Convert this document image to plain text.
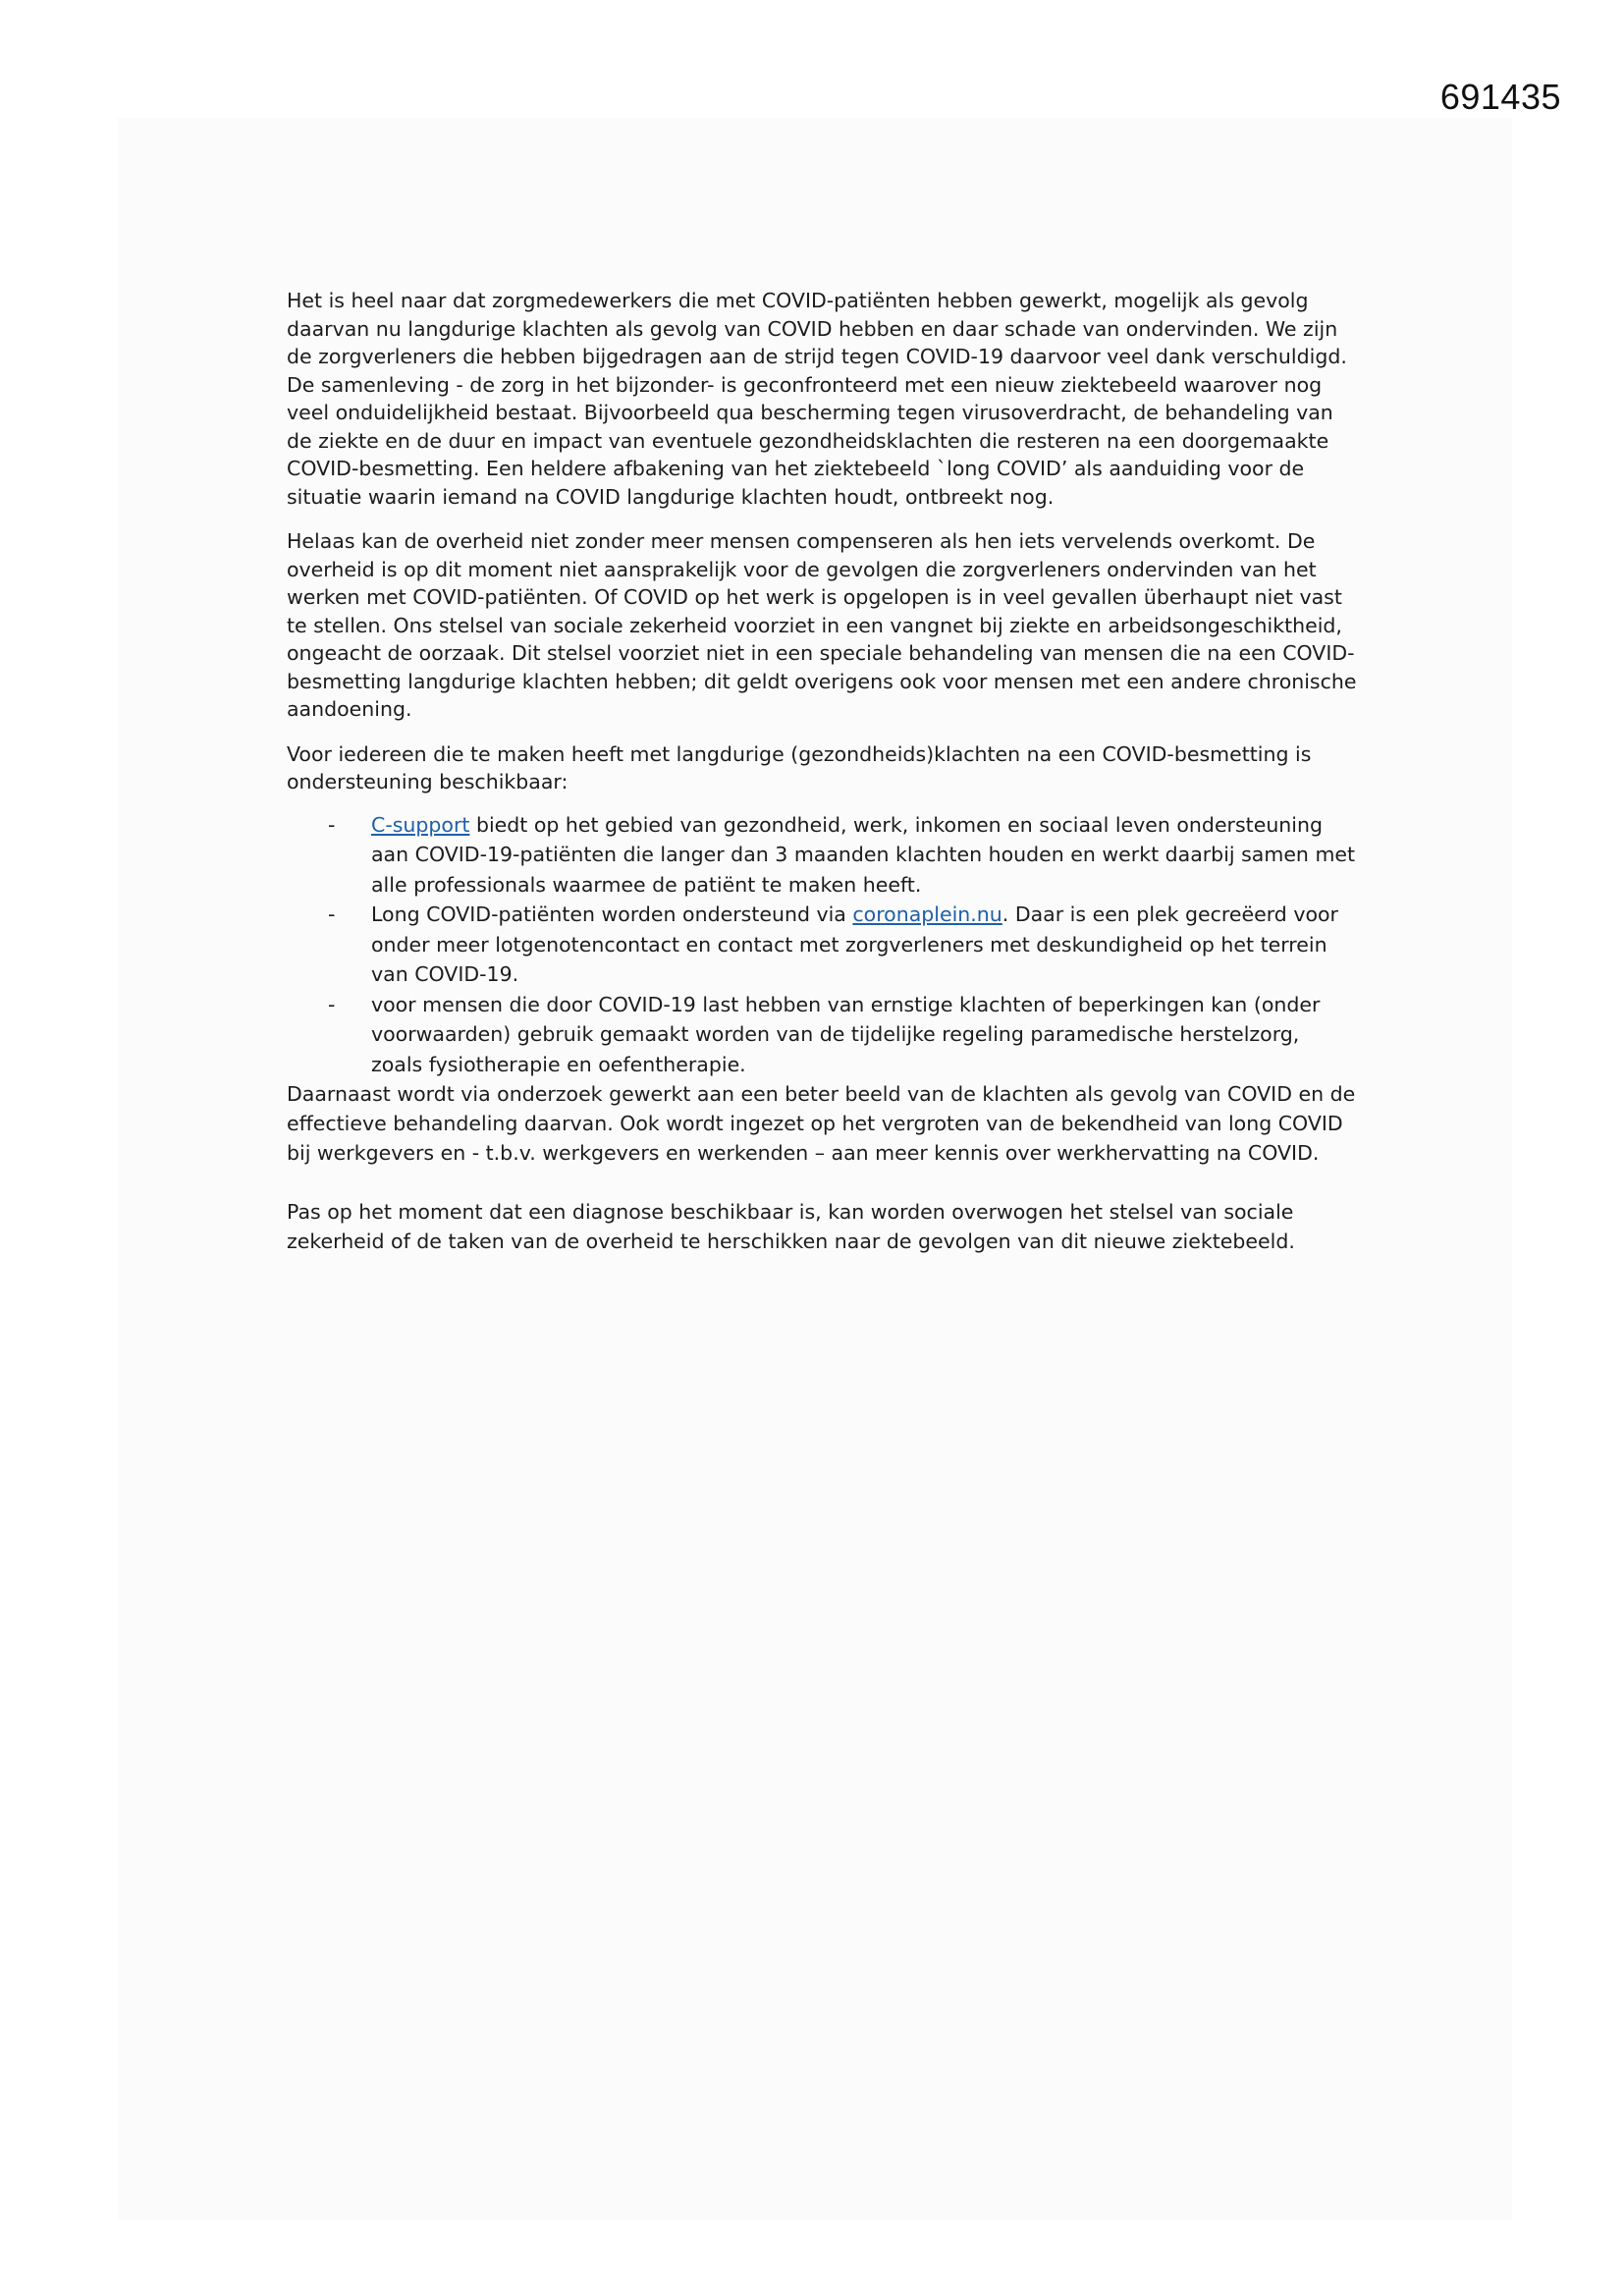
691435

Het is heel naar dat zorgmedewerkers die met COVID-patiënten hebben gewerkt, mogelijk als gevolg daarvan nu langdurige klachten als gevolg van COVID hebben en daar schade van ondervinden. We zijn de zorgverleners die hebben bijgedragen aan de strijd tegen COVID-19 daarvoor veel dank verschuldigd. De samenleving - de zorg in het bijzonder- is geconfronteerd met een nieuw ziektebeeld waarover nog veel onduidelijkheid bestaat. Bijvoorbeeld qua bescherming tegen virusoverdracht, de behandeling van de ziekte en de duur en impact van eventuele gezondheidsklachten die resteren na een doorgemaakte COVID-besmetting. Een heldere afbakening van het ziektebeeld `long COVID’ als aanduiding voor de situatie waarin iemand na COVID langdurige klachten houdt, ontbreekt nog.

Helaas kan de overheid niet zonder meer mensen compenseren als hen iets vervelends overkomt. De overheid is op dit moment niet aansprakelijk voor de gevolgen die zorgverleners ondervinden van het werken met COVID-patiënten. Of COVID op het werk is opgelopen is in veel gevallen überhaupt niet vast te stellen. Ons stelsel van sociale zekerheid voorziet in een vangnet bij ziekte en arbeidsongeschiktheid, ongeacht de oorzaak. Dit stelsel voorziet niet in een speciale behandeling van mensen die na een COVID-besmetting langdurige klachten hebben; dit geldt overigens ook voor mensen met een andere chronische aandoening.

Voor iedereen die te maken heeft met langdurige (gezondheids)klachten na een COVID-besmetting is ondersteuning beschikbaar:

- C-support biedt op het gebied van gezondheid, werk, inkomen en sociaal leven ondersteuning aan COVID-19-patiënten die langer dan 3 maanden klachten houden en werkt daarbij samen met alle professionals waarmee de patiënt te maken heeft.
- Long COVID-patiënten worden ondersteund via coronaplein.nu. Daar is een plek gecreëerd voor onder meer lotgenotencontact en contact met zorgverleners met deskundigheid op het terrein van COVID-19.
- voor mensen die door COVID-19 last hebben van ernstige klachten of beperkingen kan (onder voorwaarden) gebruik gemaakt worden van de tijdelijke regeling paramedische herstelzorg, zoals fysiotherapie en oefentherapie.

Daarnaast wordt via onderzoek gewerkt aan een beter beeld van de klachten als gevolg van COVID en de effectieve behandeling daarvan. Ook wordt ingezet op het vergroten van de bekendheid van long COVID bij werkgevers en - t.b.v. werkgevers en werkenden – aan meer kennis over werkhervatting na COVID.

Pas op het moment dat een diagnose beschikbaar is, kan worden overwogen het stelsel van sociale zekerheid of de taken van de overheid te herschikken naar de gevolgen van dit nieuwe ziektebeeld.
